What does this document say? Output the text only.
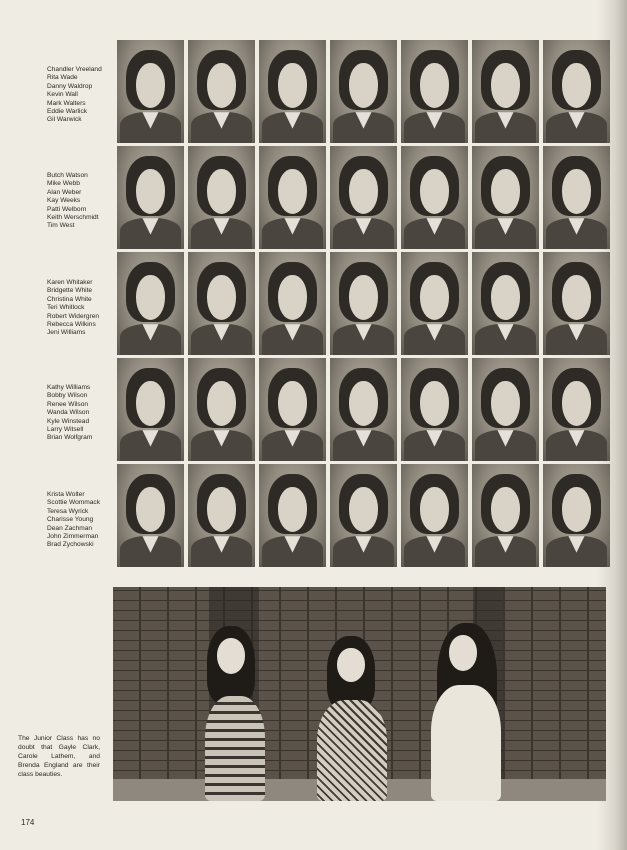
Chandler Vreeland
Rita Wade
Danny Waldrop
Kevin Wall
Mark Walters
Eddie Warlick
Gil Warwick
Butch Watson
Mike Webb
Alan Weber
Kay Weeks
Patti Welborn
Keith Werschmidt
Tim West
Karen Whitaker
Bridgette White
Christina White
Teri Whitlock
Robert Widergren
Rebecca Wilkins
Jeni Williams
Kathy Williams
Bobby Wilson
Renee Wilson
Wanda Wilson
Kyle Winstead
Larry Witsell
Brian Wolfgram
Krista Wolter
Scottie Wommack
Teresa Wyrick
Charisse Young
Dean Zachman
John Zimmerman
Brad Zychowski
The Junior Class has no doubt that Gayle Clark, Carole Lathem, and Brenda England are their class beauties.
174
